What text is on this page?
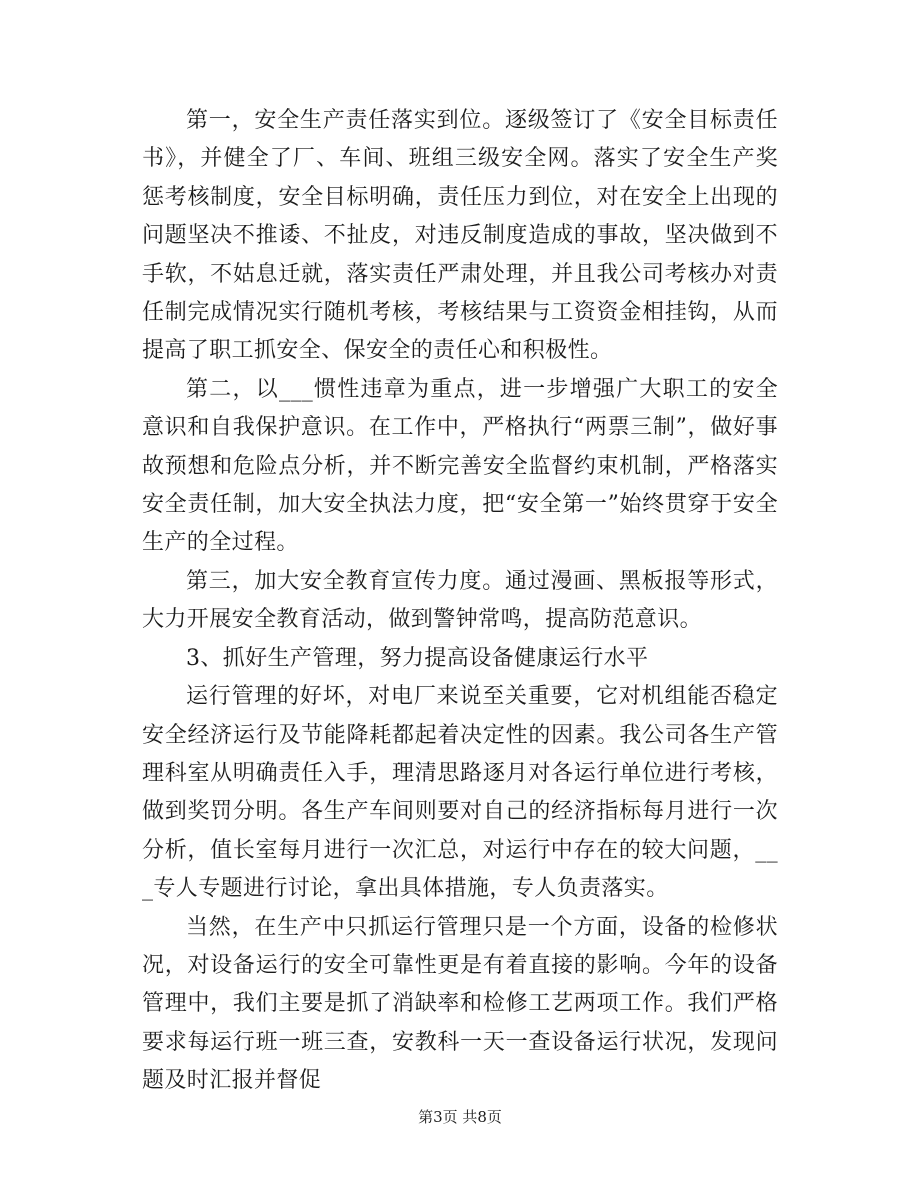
第一，安全生产责任落实到位。逐级签订了《安全目标责任书》，并健全了厂、车间、班组三级安全网。落实了安全生产奖惩考核制度，安全目标明确，责任压力到位，对在安全上出现的问题坚决不推诿、不扯皮，对违反制度造成的事故，坚决做到不手软，不姑息迁就，落实责任严肃处理，并且我公司考核办对责任制完成情况实行随机考核，考核结果与工资资金相挂钩，从而提高了职工抓安全、保安全的责任心和积极性。

第二，以___惯性违章为重点，进一步增强广大职工的安全意识和自我保护意识。在工作中，严格执行“两票三制”，做好事故预想和危险点分析，并不断完善安全监督约束机制，严格落实安全责任制，加大安全执法力度，把“安全第一”始终贯穿于安全生产的全过程。

第三，加大安全教育宣传力度。通过漫画、黑板报等形式，大力开展安全教育活动，做到警钟常鸣，提高防范意识。

3、抓好生产管理，努力提高设备健康运行水平

运行管理的好坏，对电厂来说至关重要，它对机组能否稳定安全经济运行及节能降耗都起着决定性的因素。我公司各生产管理科室从明确责任入手，理清思路逐月对各运行单位进行考核，做到奖罚分明。各生产车间则要对自己的经济指标每月进行一次分析，值长室每月进行一次汇总，对运行中存在的较大问题，___专人专题进行讨论，拿出具体措施，专人负责落实。

当然，在生产中只抓运行管理只是一个方面，设备的检修状况，对设备运行的安全可靠性更是有着直接的影响。今年的设备管理中，我们主要是抓了消缺率和检修工艺两项工作。我们严格要求每运行班一班三查，安教科一天一查设备运行状况，发现问题及时汇报并督促

第3页 共8页
